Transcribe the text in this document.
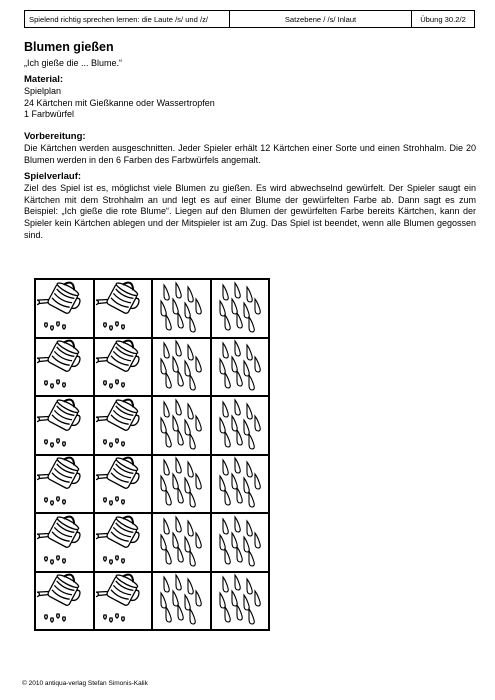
Spielend richtig sprechen lernen: die Laute /s/ und /z/	Satzebene / /s/ Inlaut	Übung 30.2/2
Blumen gießen
„Ich gieße die ... Blume.“
Material:
Spielplan
24 Kärtchen mit Gießkanne oder Wassertropfen
1 Farbwürfel
Vorbereitung:

Die Kärtchen werden ausgeschnitten. Jeder Spieler erhält 12 Kärtchen einer Sorte und einen Strohhalm. Die 20 Blumen werden in den 6 Farben des Farbwürfels angemalt.

Spielverlauf:

Ziel des Spiel ist es, möglichst viele Blumen zu gießen. Es wird abwechselnd gewürfelt. Der Spieler saugt ein Kärtchen mit dem Strohhalm an und legt es auf einer Blume der gewürfelten Farbe ab. Dann sagt es zum Beispiel: „Ich gieße die rote Blume“. Liegen auf den Blumen der gewürfelten Farbe bereits Kärtchen, kann der Spieler kein Kärtchen ablegen und der Mitspieler ist am Zug. Das Spiel ist beendet, wenn alle Blumen gegossen sind.

© 2010 antiqua-verlag Stefan Simonis-Kalik
